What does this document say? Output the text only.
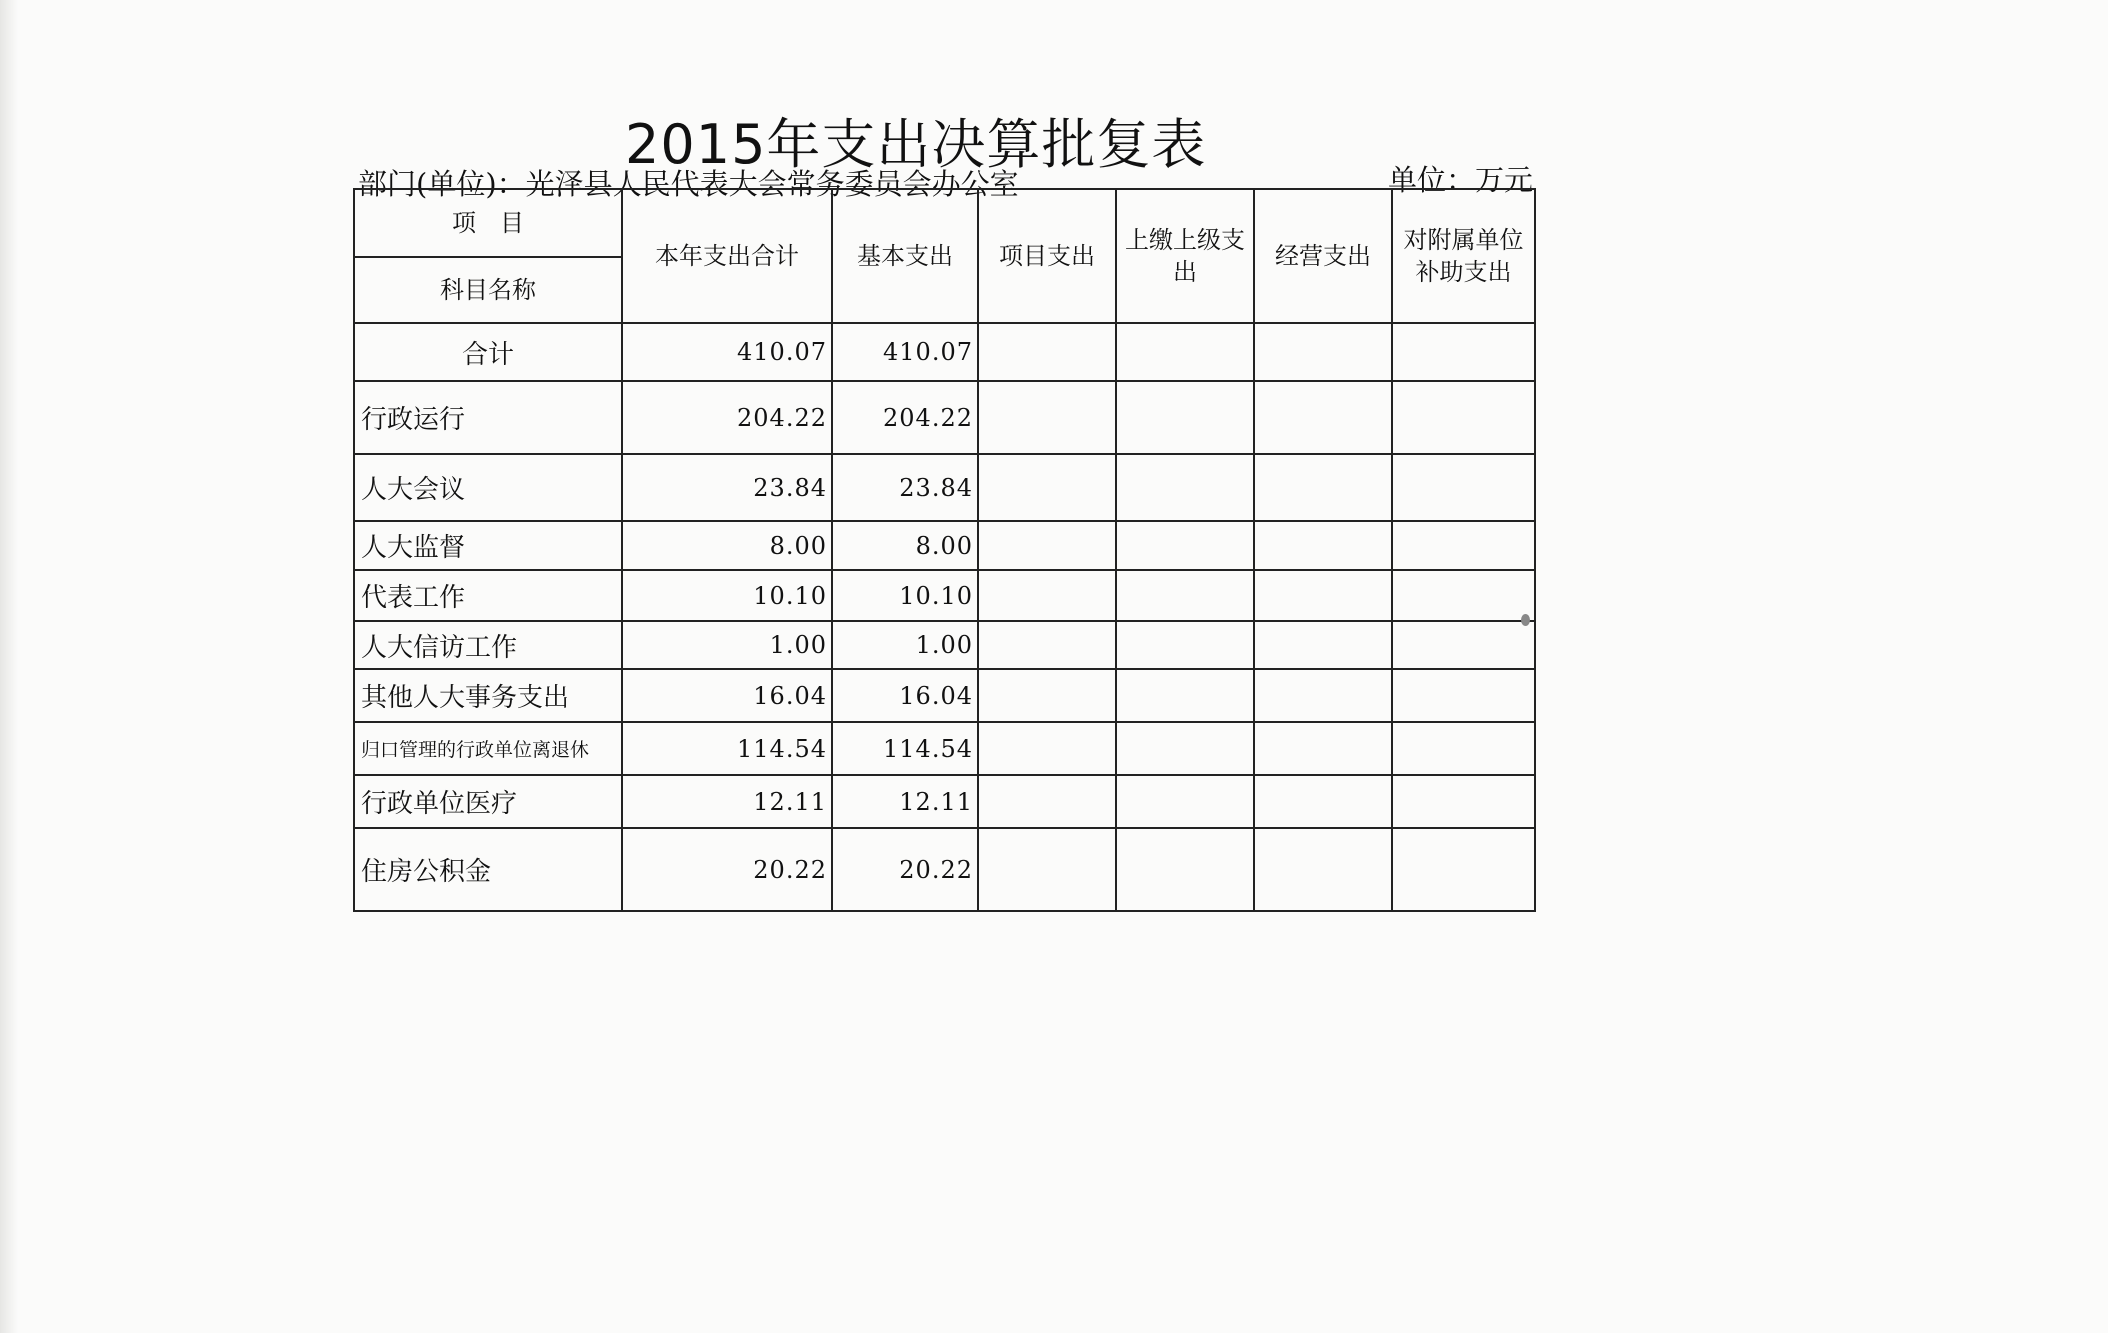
2015年支出决算批复表
部门(单位)：光泽县人民代表大会常务委员会办公室	单位：万元
项　目	本年支出合计	基本支出	项目支出	上缴上级支出	经营支出	对附属单位补助支出
科目名称						
合计	410.07	410.07				
行政运行	204.22	204.22				
人大会议	23.84	23.84				
人大监督	8.00	8.00				
代表工作	10.10	10.10				
人大信访工作	1.00	1.00				
其他人大事务支出	16.04	16.04				
归口管理的行政单位离退休	114.54	114.54				
行政单位医疗	12.11	12.11				
住房公积金	20.22	20.22				
